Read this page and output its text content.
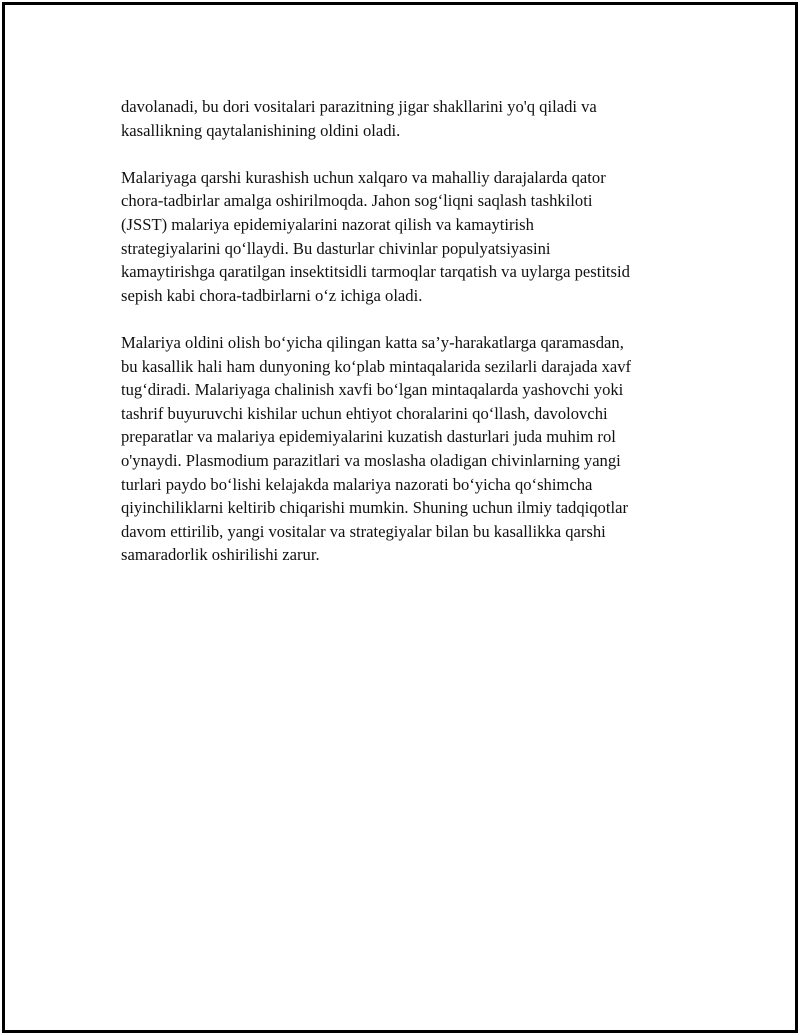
davolanadi, bu dori vositalari parazitning jigar shakllarini yo'q qiladi va
kasallikning qaytalanishining oldini oladi.

Malariyaga qarshi kurashish uchun xalqaro va mahalliy darajalarda qator
chora-tadbirlar amalga oshirilmoqda. Jahon sog‘liqni saqlash tashkiloti
(JSST) malariya epidemiyalarini nazorat qilish va kamaytirish
strategiyalarini qo‘llaydi. Bu dasturlar chivinlar populyatsiyasini
kamaytirishga qaratilgan insektitsidli tarmoqlar tarqatish va uylarga pestitsid
sepish kabi chora-tadbirlarni o‘z ichiga oladi.

Malariya oldini olish bo‘yicha qilingan katta sa’y-harakatlarga qaramasdan,
bu kasallik hali ham dunyoning ko‘plab mintaqalarida sezilarli darajada xavf
tug‘diradi. Malariyaga chalinish xavfi bo‘lgan mintaqalarda yashovchi yoki
tashrif buyuruvchi kishilar uchun ehtiyot choralarini qo‘llash, davolovchi
preparatlar va malariya epidemiyalarini kuzatish dasturlari juda muhim rol
o'ynaydi. Plasmodium parazitlari va moslasha oladigan chivinlarning yangi
turlari paydo bo‘lishi kelajakda malariya nazorati bo‘yicha qo‘shimcha
qiyinchiliklarni keltirib chiqarishi mumkin. Shuning uchun ilmiy tadqiqotlar
davom ettirilib, yangi vositalar va strategiyalar bilan bu kasallikka qarshi
samaradorlik oshirilishi zarur.
